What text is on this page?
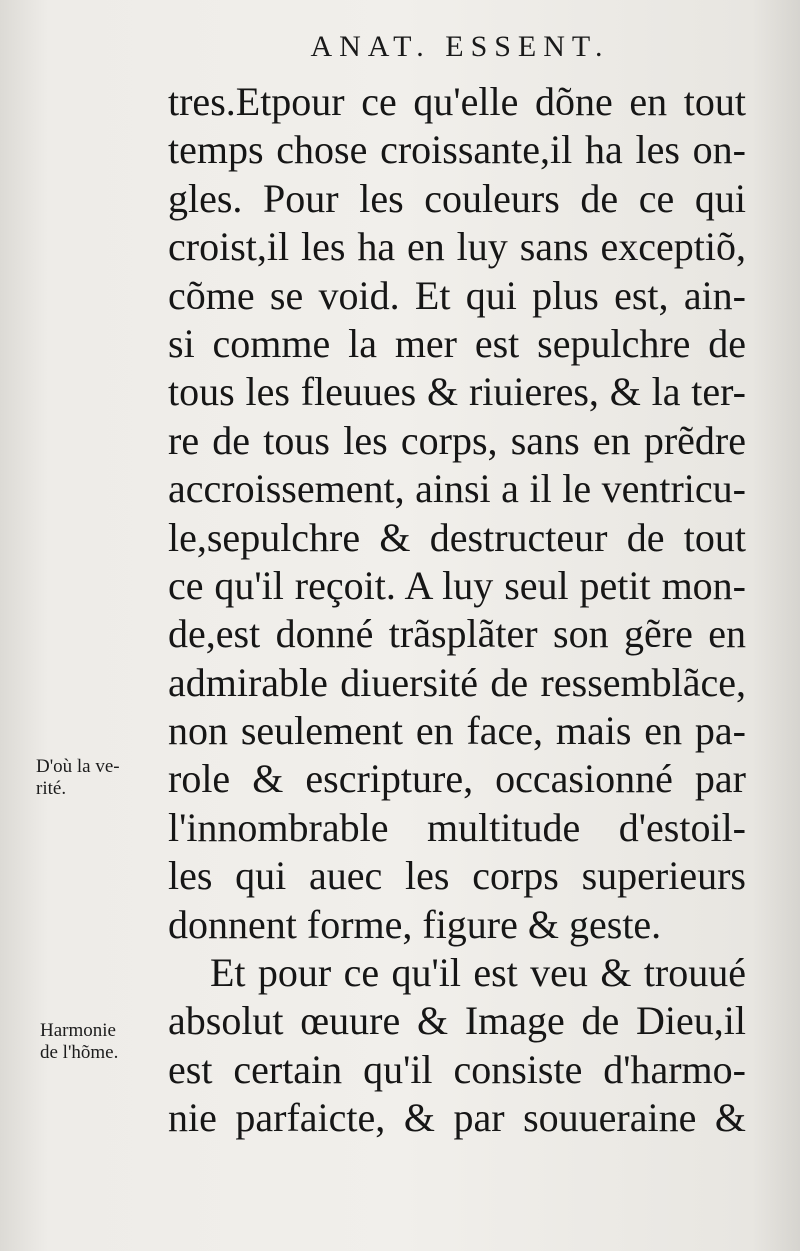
ANAT. ESSENT.
tres.Etpour ce qu'elle dõne en tout
temps chose croissante,il ha les on-
gles. Pour les couleurs de ce qui
croist,il les ha en luy sans exceptiõ,
cõme se void. Et qui plus est, ain-
si comme la mer est sepulchre de
tous les fleuues & riuieres, & la ter-
re de tous les corps, sans en prẽdre
accroissement, ainsi a il le ventricu-
le,sepulchre & destructeur de tout
ce qu'il reçoit. A luy seul petit mon-
de,est donné trãsplãter son gẽre en
admirable diuersité de ressemblãce,
non seulement en face, mais en pa-
role & escripture, occasionné par
l'innombrable multitude d'estoil-
les qui auec les corps superieurs
donnent forme, figure & geste.
Et pour ce qu'il est veu & trouué
absolut œuure & Image de Dieu,il
est certain qu'il consiste d'harmo-
nie parfaicte, & par souueraine &
D'où la ve-
rité.
Harmonie
de l'hõme.
